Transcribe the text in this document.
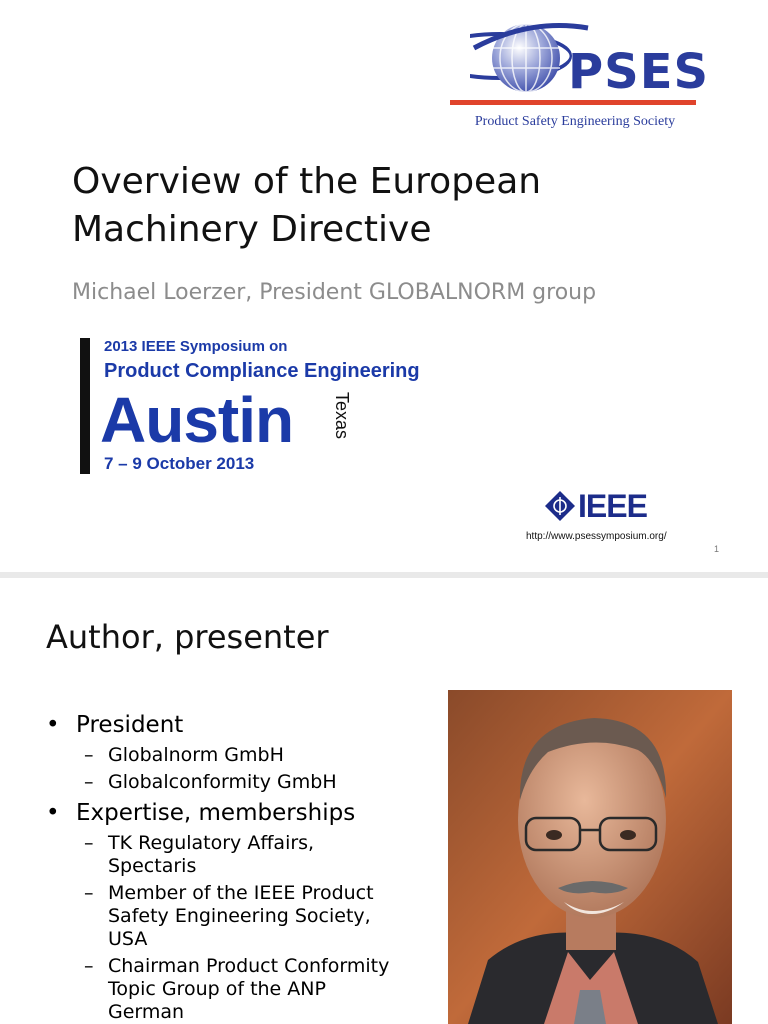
PSES
Product Safety Engineering Society
Overview of the European Machinery Directive
Michael Loerzer, President GLOBALNORM group
2013 IEEE Symposium on
Product Compliance Engineering
Austin Texas
7 – 9 October 2013
IEEE
http://www.psessymposium.org/
1
Author, presenter
• President
– Globalnorm GmbH
– Globalconformity GmbH
• Expertise, memberships
– TK Regulatory Affairs, Spectaris
– Member of the IEEE Product Safety Engineering Society, USA
– Chairman Product Conformity Topic Group of the ANP German
